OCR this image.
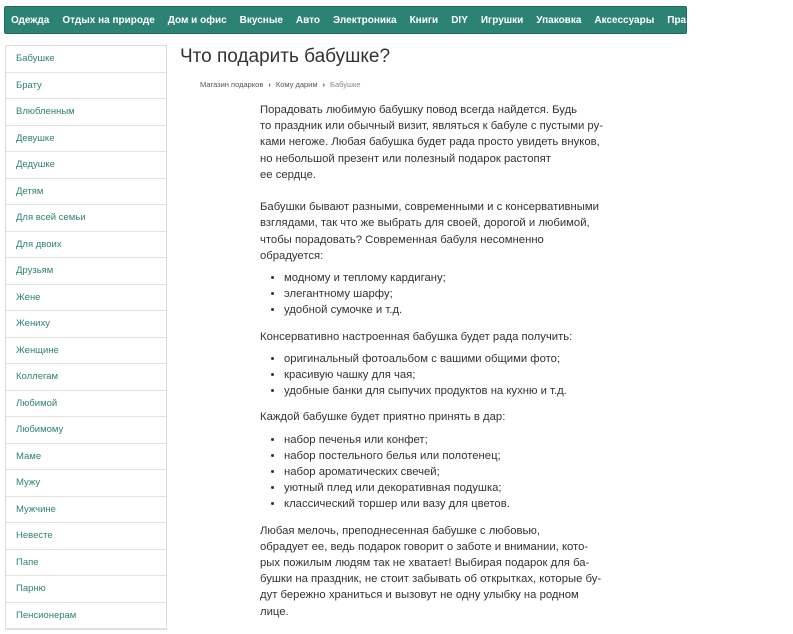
Одежда Отдых на природе Дом и офис Вкусные Авто Электроника Книги DIY Игрушки Упаковка Аксессуары Праздники Кому дарим
Бабушке
Брату
Влюбленным
Девушке
Дедушке
Детям
Для всей семьи
Для двоих
Друзьям
Жене
Жениху
Женщине
Коллегам
Любимой
Любимому
Маме
Мужу
Мужчине
Невесте
Папе
Парню
Пенсионерам
Что подарить бабушке?
Магазин подарков › Кому дарим › Бабушке

Порадовать любимую бабушку повод всегда найдется. Будь
то праздник или обычный визит, являться к бабуле с пустыми ру-
ками негоже. Любая бабушка будет рада просто увидеть внуков,
но небольшой презент или полезный подарок растопят
ее сердце.

Бабушки бывают разными, современными и с консервативными
взглядами, так что же выбрать для своей, дорогой и любимой,
чтобы порадовать? Современная бабуля несомненно
обрадуется:

• модному и теплому кардигану;
• элегантному шарфу;
• удобной сумочке и т.д.

Консервативно настроенная бабушка будет рада получить:

• оригинальный фотоальбом с вашими общими фото;
• красивую чашку для чая;
• удобные банки для сыпучих продуктов на кухню и т.д.

Каждой бабушке будет приятно принять в дар:

• набор печенья или конфет;
• набор постельного белья или полотенец;
• набор ароматических свечей;
• уютный плед или декоративная подушка;
• классический торшер или вазу для цветов.

Любая мелочь, преподнесенная бабушке с любовью,
обрадует ее, ведь подарок говорит о заботе и внимании, кото-
рых пожилым людям так не хватает! Выбирая подарок для ба-
бушки на праздник, не стоит забывать об открытках, которые бу-
дут бережно храниться и вызовут не одну улыбку на родном
лице.
